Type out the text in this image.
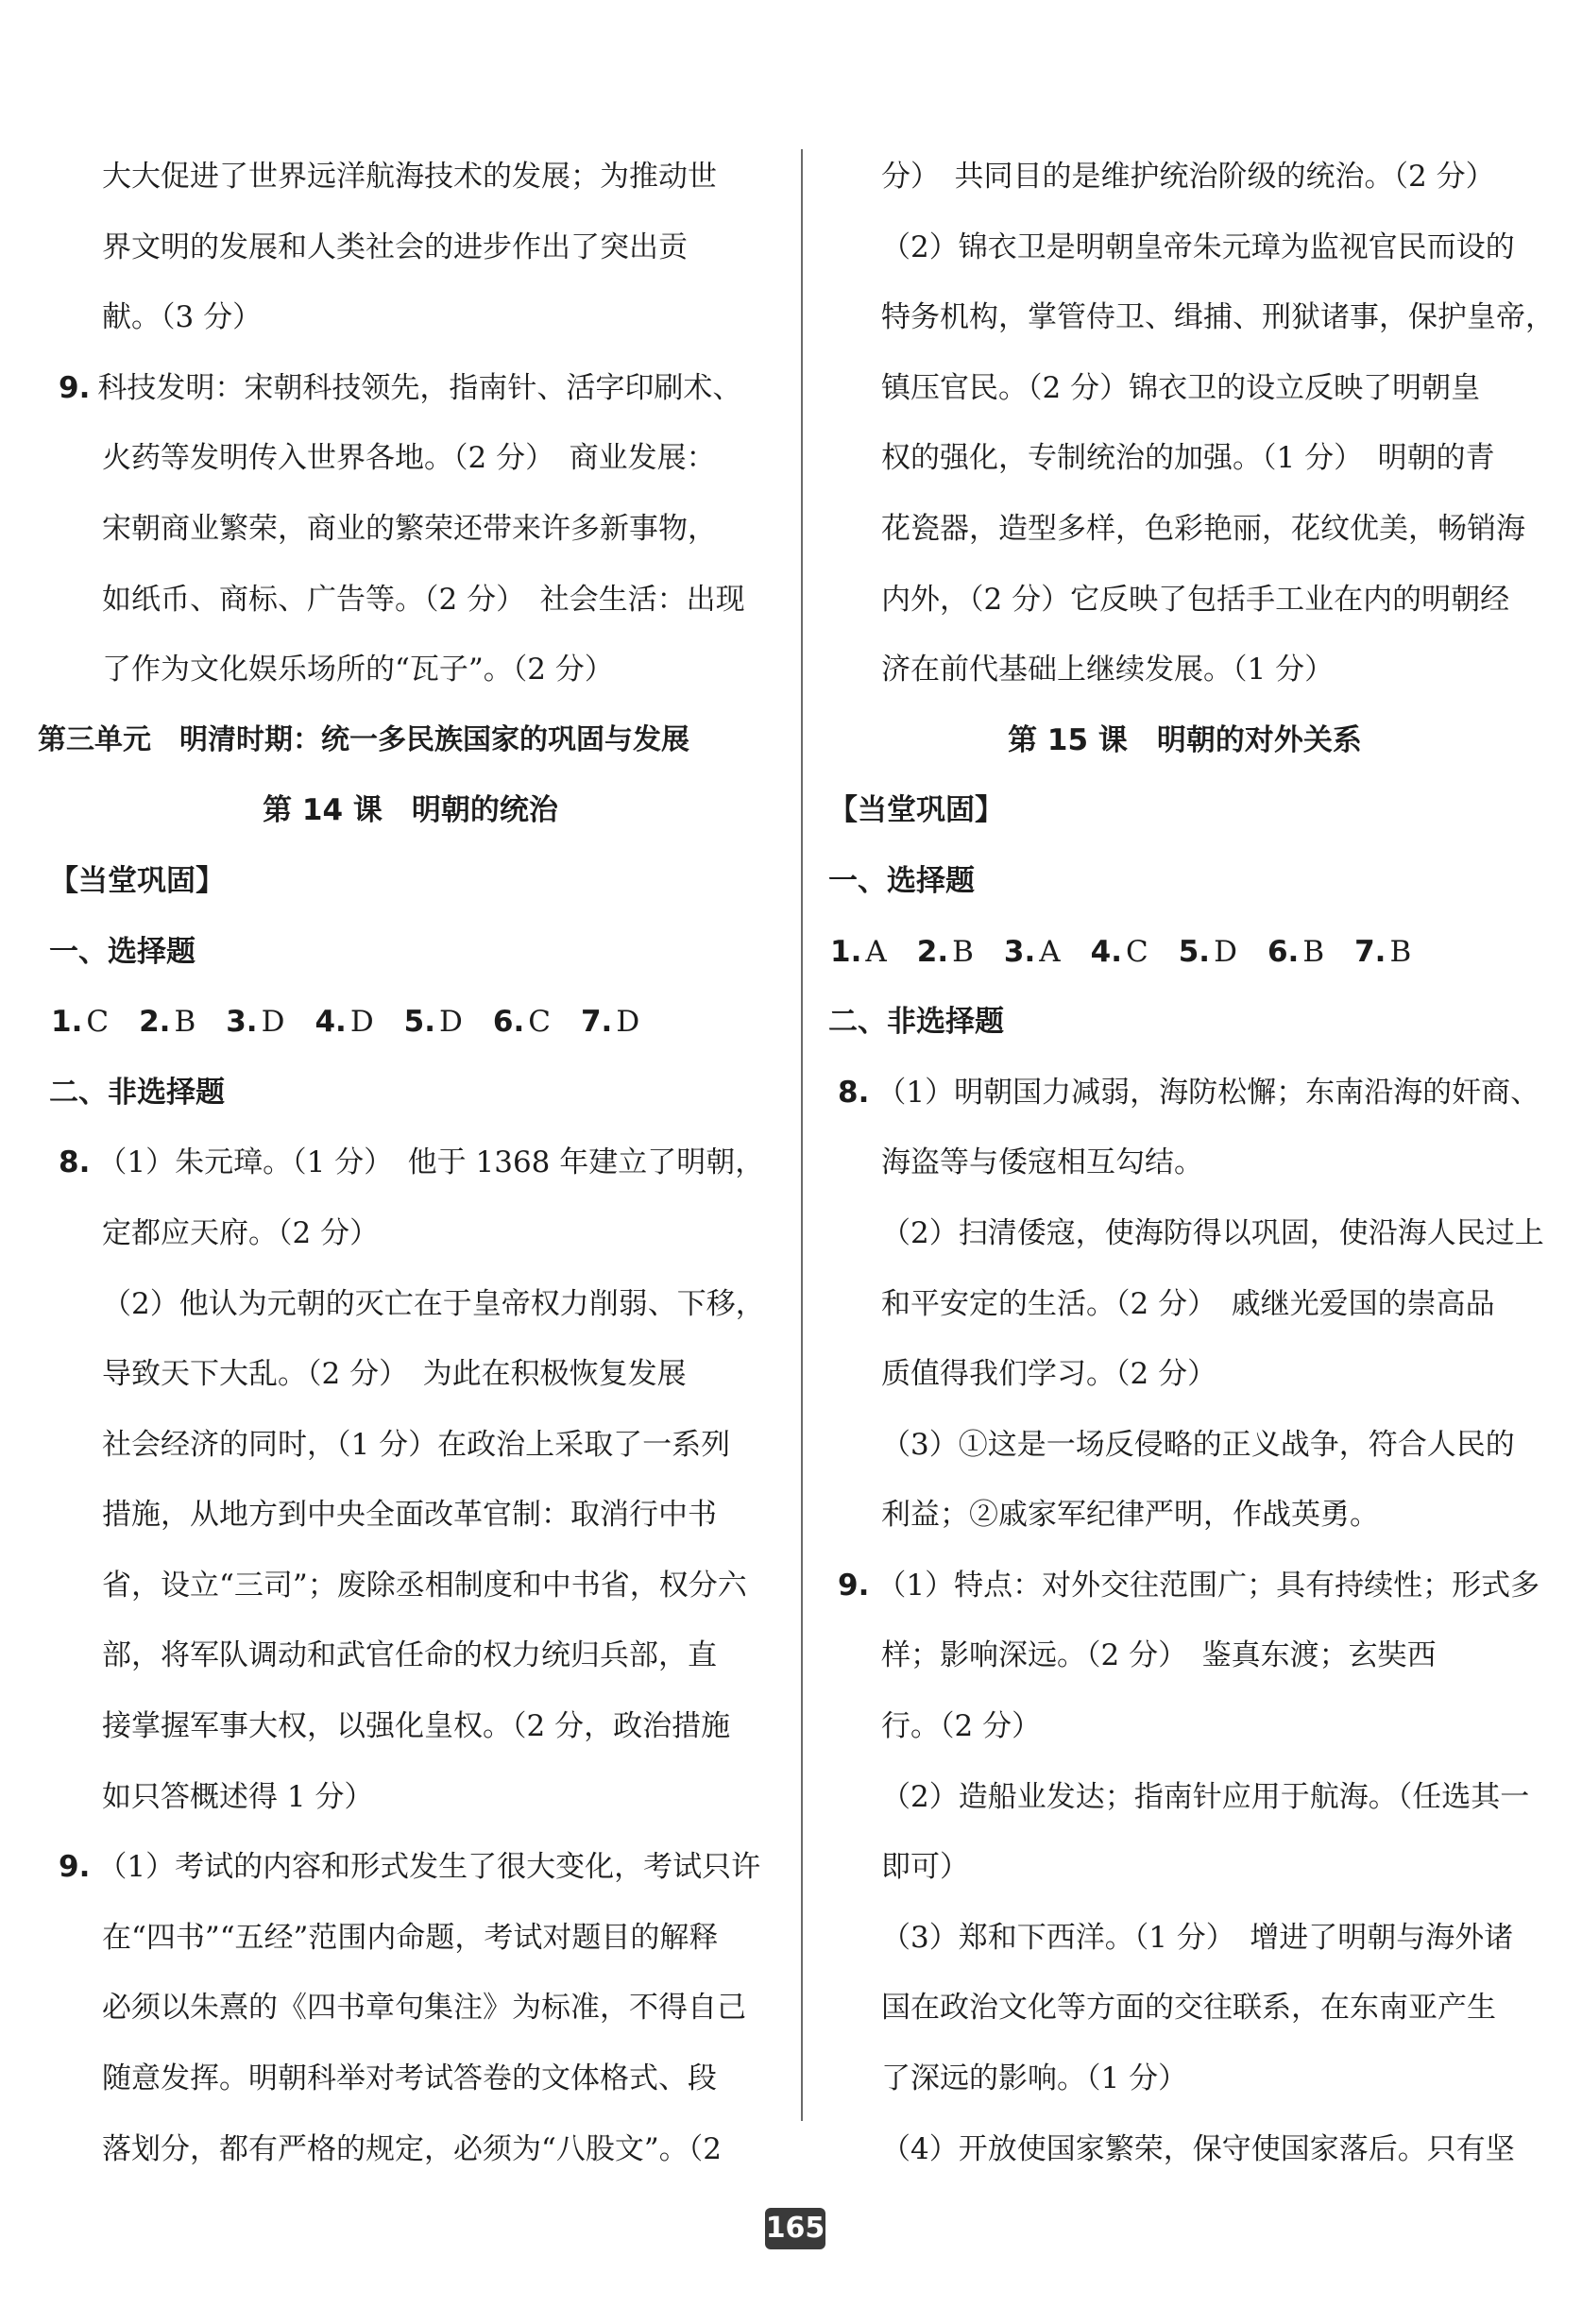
大大促进了世界远洋航海技术的发展；为推动世
界文明的发展和人类社会的进步作出了突出贡
献。（3 分）
9. 科技发明：宋朝科技领先，指南针、活字印刷术、
火药等发明传入世界各地。（2 分）　商业发展：
宋朝商业繁荣，商业的繁荣还带来许多新事物，
如纸币、商标、广告等。（2 分）　社会生活：出现
了作为文化娱乐场所的“瓦子”。（2 分）
第三单元　明清时期：统一多民族国家的巩固与发展
第 14 课　明朝的统治
【当堂巩固】
一、选择题
1. C 2. B 3. D 4. D 5. D 6. C 7. D
二、非选择题
8. （1）朱元璋。（1 分）　他于 1368 年建立了明朝，
定都应天府。（2 分）
（2）他认为元朝的灭亡在于皇帝权力削弱、下移，
导致天下大乱。（2 分）　为此在积极恢复发展
社会经济的同时，（1 分）在政治上采取了一系列
措施，从地方到中央全面改革官制：取消行中书
省，设立“三司”；废除丞相制度和中书省，权分六
部，将军队调动和武官任命的权力统归兵部，直
接掌握军事大权，以强化皇权。（2 分，政治措施
如只答概述得 1 分）
9. （1）考试的内容和形式发生了很大变化，考试只许
在“四书”“五经”范围内命题，考试对题目的解释
必须以朱熹的《四书章句集注》为标准，不得自己
随意发挥。明朝科举对考试答卷的文体格式、段
落划分，都有严格的规定，必须为“八股文”。（2
分）　共同目的是维护统治阶级的统治。（2 分）
（2）锦衣卫是明朝皇帝朱元璋为监视官民而设的
特务机构，掌管侍卫、缉捕、刑狱诸事，保护皇帝，
镇压官民。（2 分）锦衣卫的设立反映了明朝皇
权的强化，专制统治的加强。（1 分）　明朝的青
花瓷器，造型多样，色彩艳丽，花纹优美，畅销海
内外，（2 分）它反映了包括手工业在内的明朝经
济在前代基础上继续发展。（1 分）
第 15 课　明朝的对外关系
【当堂巩固】
一、选择题
1. A 2. B 3. A 4. C 5. D 6. B 7. B
二、非选择题
8. （1）明朝国力减弱，海防松懈；东南沿海的奸商、
海盗等与倭寇相互勾结。
（2）扫清倭寇，使海防得以巩固，使沿海人民过上
和平安定的生活。（2 分）　戚继光爱国的崇高品
质值得我们学习。（2 分）
（3）①这是一场反侵略的正义战争，符合人民的
利益；②戚家军纪律严明，作战英勇。
9. （1）特点：对外交往范围广；具有持续性；形式多
样；影响深远。（2 分）　鉴真东渡；玄奘西
行。（2 分）
（2）造船业发达；指南针应用于航海。（任选其一
即可）
（3）郑和下西洋。（1 分）　增进了明朝与海外诸
国在政治文化等方面的交往联系，在东南亚产生
了深远的影响。（1 分）
（4）开放使国家繁荣，保守使国家落后。只有坚
165
